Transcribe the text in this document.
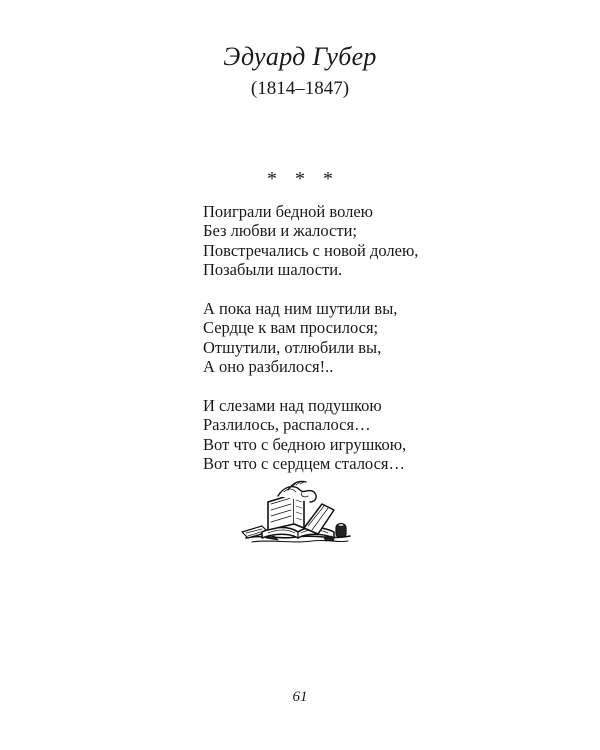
Эдуард Губер
(1814–1847)
* * *
Поиграли бедной волею
Без любви и жалости;
Повстречались с новой долею,
Позабыли шалости.
А пока над ним шутили вы,
Сердце к вам просилося;
Отшутили, отлюбили вы,
А оно разбилося!..
И слезами над подушкою
Разлилось, распалося…
Вот что с бедною игрушкою,
Вот что с сердцем сталося…
61
